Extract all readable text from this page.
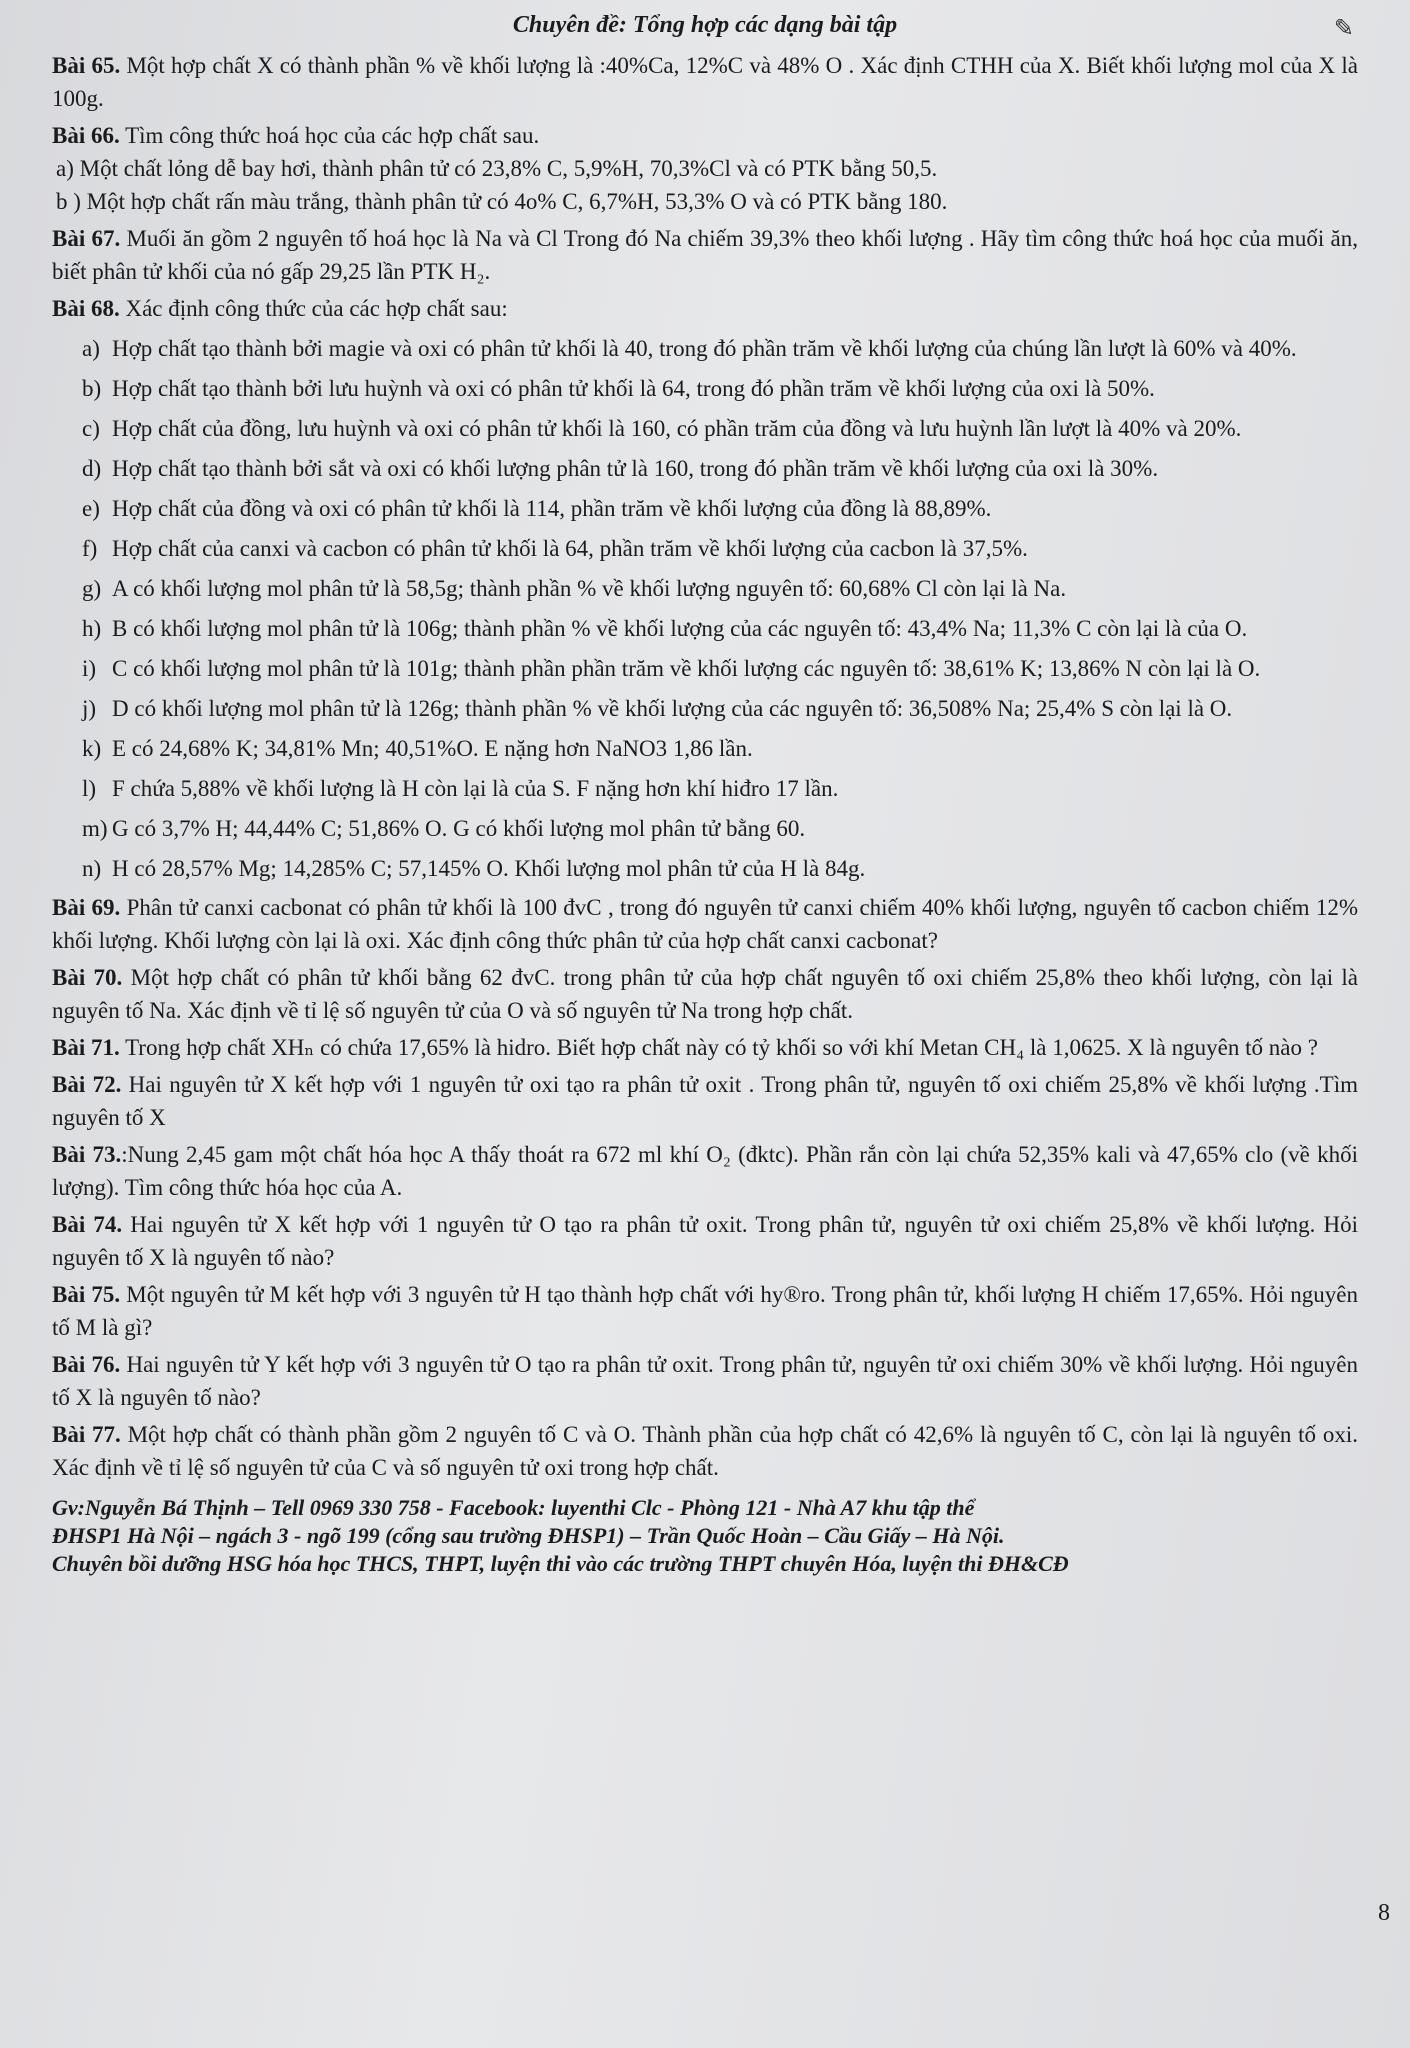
✎
Chuyên đề: Tổng hợp các dạng bài tập
Bài 65. Một hợp chất X có thành phần % về khối lượng là :40%Ca, 12%C và 48% O . Xác định CTHH của X. Biết khối lượng mol của X là 100g.
Bài 66. Tìm công thức hoá học của các hợp chất sau.
a) Một chất lỏng dễ bay hơi, thành phân tử có 23,8% C, 5,9%H, 70,3%Cl và có PTK bằng 50,5.
b ) Một hợp chất rấn màu trắng, thành phân tử có 4o% C, 6,7%H, 53,3% O và có PTK bằng 180.
Bài 67. Muối ăn gồm 2 nguyên tố hoá học là Na và Cl Trong đó Na chiếm 39,3% theo khối lượng . Hãy tìm công thức hoá học của muối ăn, biết phân tử khối của nó gấp 29,25 lần PTK H₂.
Bài 68. Xác định công thức của các hợp chất sau:
a) Hợp chất tạo thành bởi magie và oxi có phân tử khối là 40, trong đó phần trăm về khối lượng của chúng lần lượt là 60% và 40%.
b) Hợp chất tạo thành bởi lưu huỳnh và oxi có phân tử khối là 64, trong đó phần trăm về khối lượng của oxi là 50%.
c) Hợp chất của đồng, lưu huỳnh và oxi có phân tử khối là 160, có phần trăm của đồng và lưu huỳnh lần lượt là 40% và 20%.
d) Hợp chất tạo thành bởi sắt và oxi có khối lượng phân tử là 160, trong đó phần trăm về khối lượng của oxi là 30%.
e) Hợp chất của đồng và oxi có phân tử khối là 114, phần trăm về khối lượng của đồng là 88,89%.
f) Hợp chất của canxi và cacbon có phân tử khối là 64, phần trăm về khối lượng của cacbon là 37,5%.
g) A có khối lượng mol phân tử là 58,5g; thành phần % về khối lượng nguyên tố: 60,68% Cl còn lại là Na.
h) B có khối lượng mol phân tử là 106g; thành phần % về khối lượng của các nguyên tố: 43,4% Na; 11,3% C còn lại là của O.
i) C có khối lượng mol phân tử là 101g; thành phần phần trăm về khối lượng các nguyên tố: 38,61% K; 13,86% N còn lại là O.
j) D có khối lượng mol phân tử là 126g; thành phần % về khối lượng của các nguyên tố: 36,508% Na; 25,4% S còn lại là O.
k) E có 24,68% K; 34,81% Mn; 40,51%O. E nặng hơn NaNO3 1,86 lần.
l) F chứa 5,88% về khối lượng là H còn lại là của S. F nặng hơn khí hiđro 17 lần.
m) G có 3,7% H; 44,44% C; 51,86% O. G có khối lượng mol phân tử bằng 60.
n) H có 28,57% Mg; 14,285% C; 57,145% O. Khối lượng mol phân tử của H là 84g.
Bài 69. Phân tử canxi cacbonat có phân tử khối là 100 đvC , trong đó nguyên tử canxi chiếm 40% khối lượng, nguyên tố cacbon chiếm 12% khối lượng. Khối lượng còn lại là oxi. Xác định công thức phân tử của hợp chất canxi cacbonat?
Bài 70. Một hợp chất có phân tử khối bằng 62 đvC. trong phân tử của hợp chất nguyên tố oxi chiếm 25,8% theo khối lượng, còn lại là nguyên tố Na. Xác định về tỉ lệ số nguyên tử của O và số nguyên tử Na trong hợp chất.
Bài 71. Trong hợp chất XHₙ có chứa 17,65% là hidro. Biết hợp chất này có tỷ khối so với khí Metan CH₄ là 1,0625. X là nguyên tố nào ?
Bài 72. Hai nguyên tử X kết hợp với 1 nguyên tử oxi tạo ra phân tử oxit . Trong phân tử, nguyên tố oxi chiếm 25,8% về khối lượng .Tìm nguyên tố X
Bài 73.:Nung 2,45 gam một chất hóa học A thấy thoát ra 672 ml khí O₂ (đktc). Phần rắn còn lại chứa 52,35% kali và 47,65% clo (về khối lượng). Tìm công thức hóa học của A.
Bài 74. Hai nguyên tử X kết hợp với 1 nguyên tử O tạo ra phân tử oxit. Trong phân tử, nguyên tử oxi chiếm 25,8% về khối lượng. Hỏi nguyên tố X là nguyên tố nào?
Bài 75. Một nguyên tử M kết hợp với 3 nguyên tử H tạo thành hợp chất với hy®ro. Trong phân tử, khối lượng H chiếm 17,65%. Hỏi nguyên tố M là gì?
Bài 76. Hai nguyên tử Y kết hợp với 3 nguyên tử O tạo ra phân tử oxit. Trong phân tử, nguyên tử oxi chiếm 30% về khối lượng. Hỏi nguyên tố X là nguyên tố nào?
Bài 77. Một hợp chất có thành phần gồm 2 nguyên tố C và O. Thành phần của hợp chất có 42,6% là nguyên tố C, còn lại là nguyên tố oxi. Xác định về tỉ lệ số nguyên tử của C và số nguyên tử oxi trong hợp chất.
Gv:Nguyễn Bá Thịnh – Tell 0969 330 758 - Facebook: luyenthi Clc - Phòng 121 - Nhà A7 khu tập thể
ĐHSP1 Hà Nội – ngách 3 - ngõ 199 (cổng sau trường ĐHSP1) – Trần Quốc Hoàn – Cầu Giấy – Hà Nội.
Chuyên bồi dưỡng HSG hóa học THCS, THPT, luyện thi vào các trường THPT chuyên Hóa, luyện thi ĐH&CĐ
8
